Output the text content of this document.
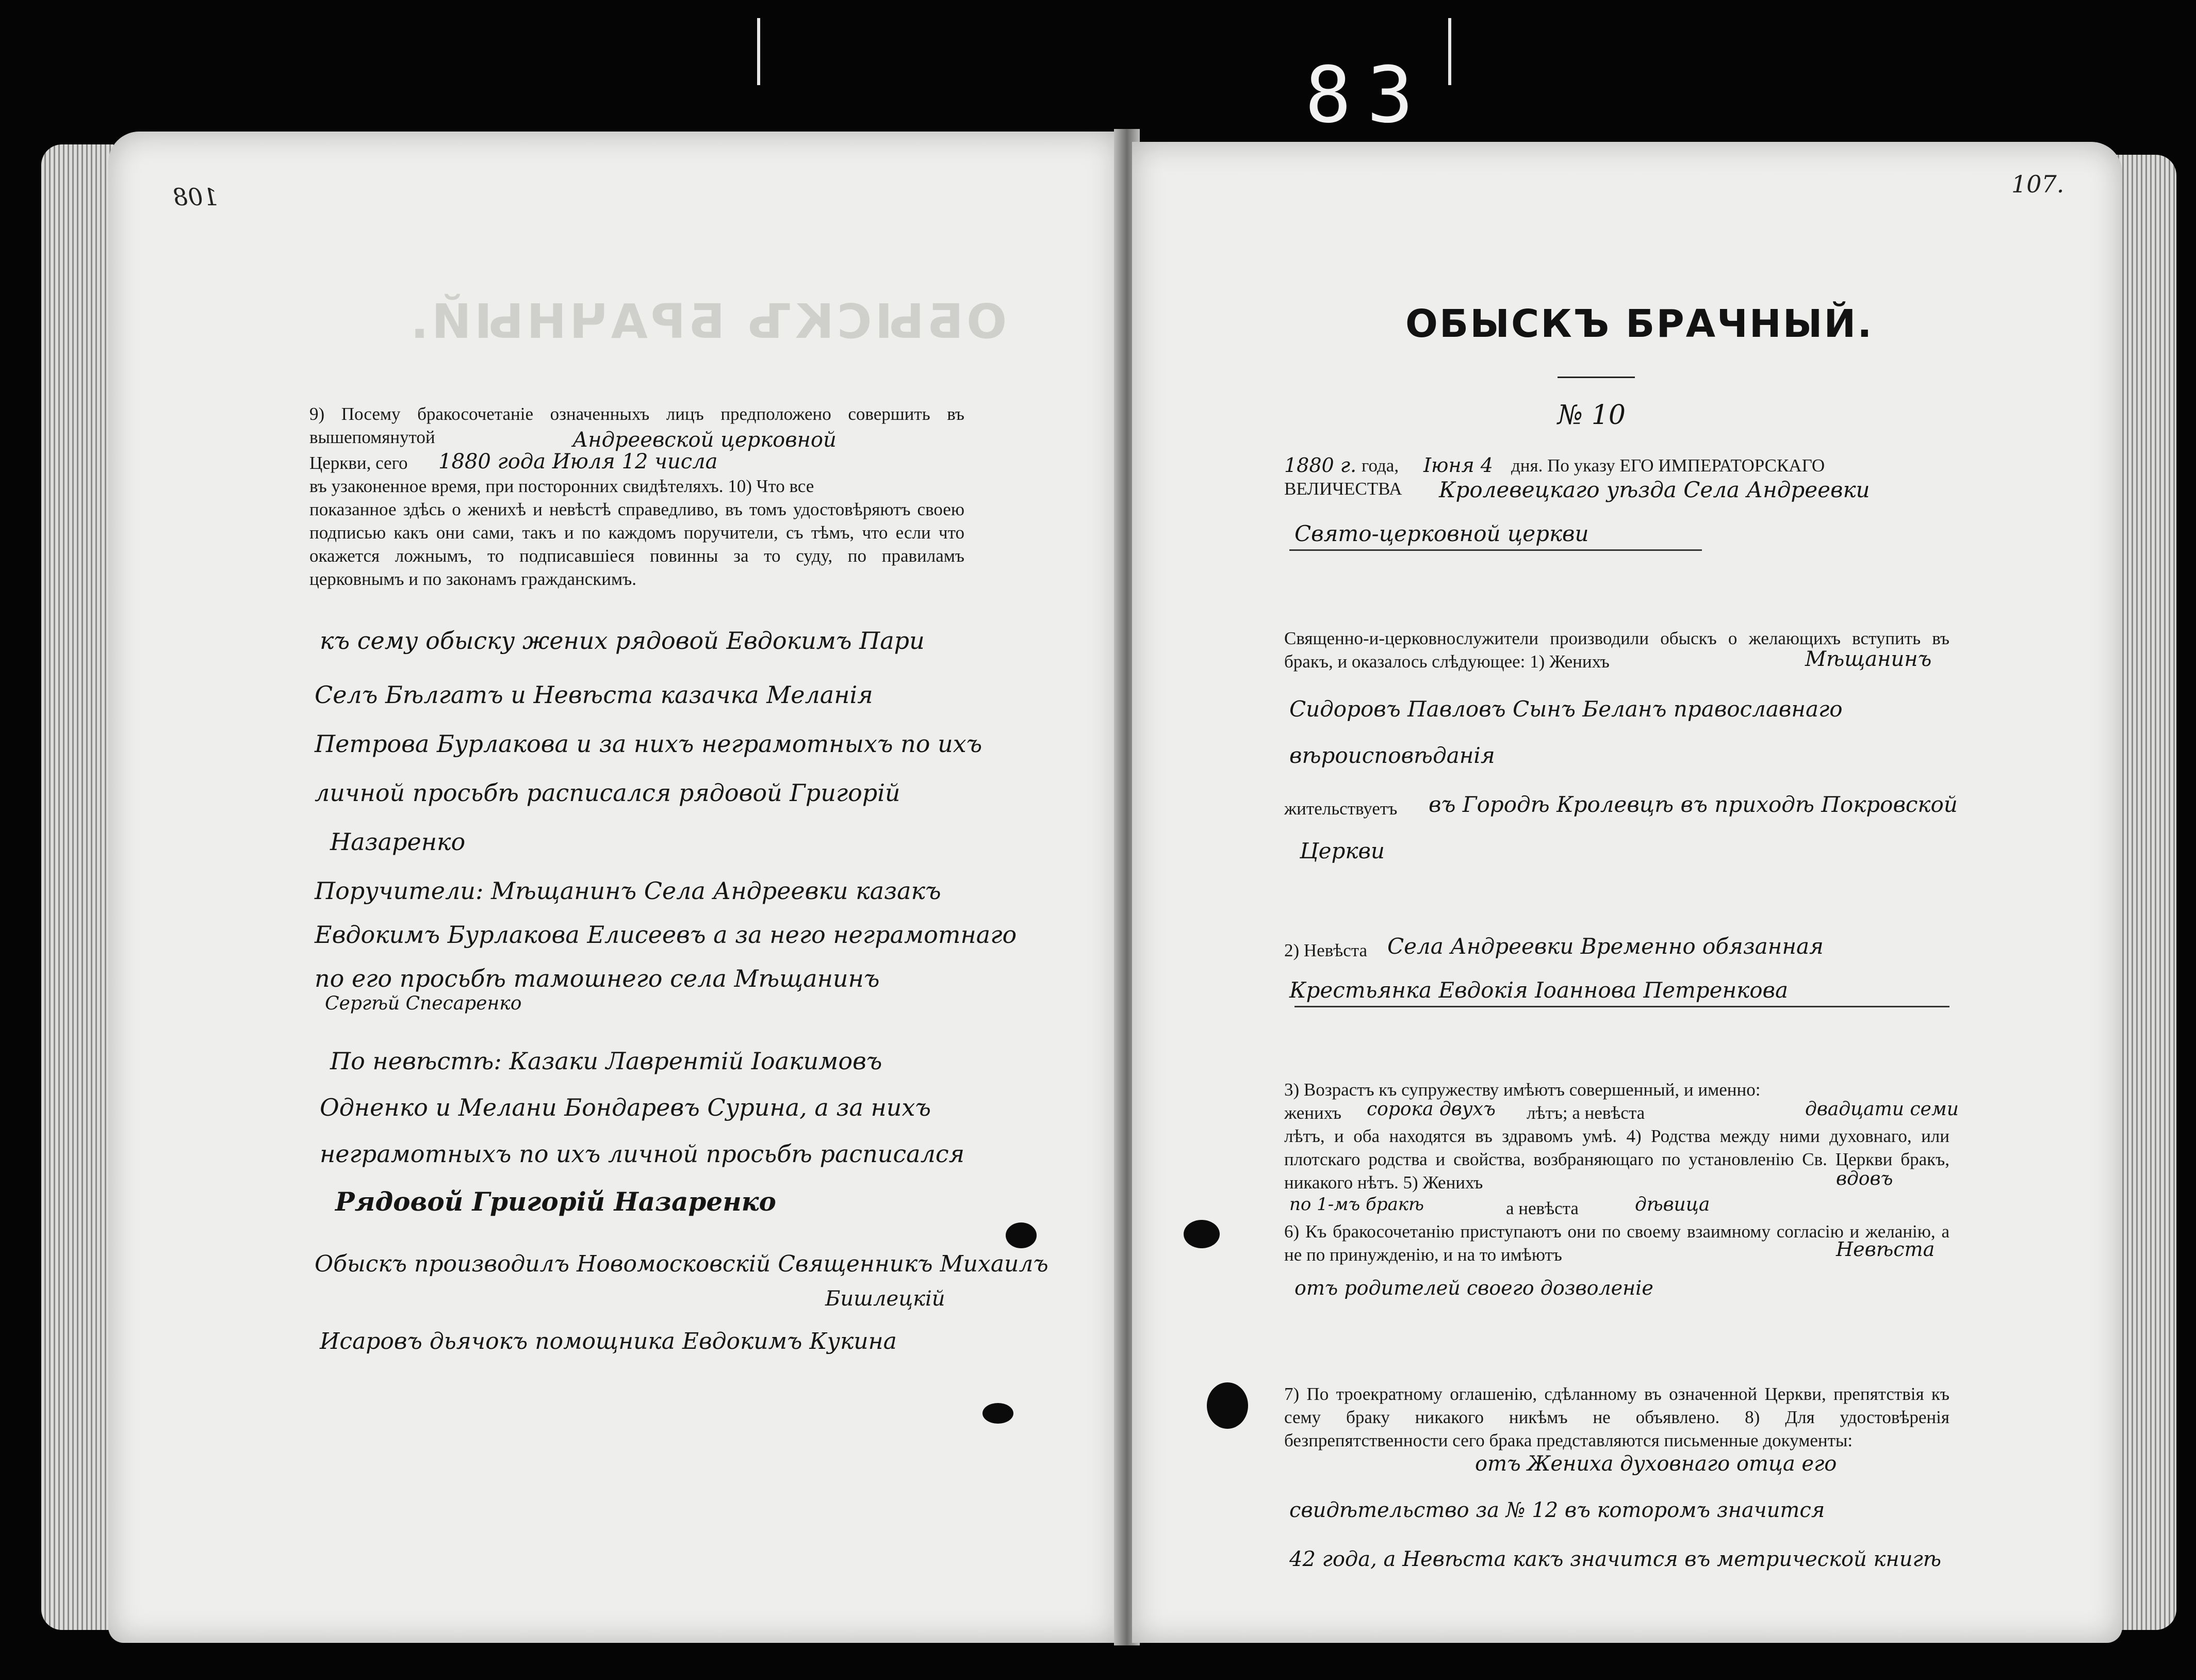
83
108
ОБЫСКЪ БРАЧНЫЙ.
9) Посему бракосочетаніе означенныхъ лицъ предположено совершить въ вышепомянутой	Андреевской церковной
Церкви, сего 1880 года Июля 12 числа
въ узаконенное время, при посторонних свидѣтеляхъ. 10) Что все
показанное здѣсь о женихѣ и невѣстѣ справедливо, въ томъ удостовѣряютъ своею подписью какъ они сами, такъ и по каждомъ поручители, съ тѣмъ, что если что окажется ложнымъ, то подписавшіеся повинны за то суду, по правиламъ церковнымъ и по законамъ гражданскимъ.
къ сему обыску жених рядовой Евдокимъ Пари
Селъ Бѣлгатъ и Невѣста казачка Меланія
Петрова Бурлакова и за нихъ неграмотныхъ по ихъ
личной просьбѣ расписался рядовой Григорій
Назаренко
Поручители: Мѣщанинъ Села Андреевки казакъ
Евдокимъ Бурлакова Елисеевъ а за него неграмотнаго
по его просьбѣ тамошнего села Мѣщанинъ
Сергѣй Спесаренко
По невѣстѣ: Казаки Лаврентій Іоакимовъ
Одненко и Мелани Бондаревъ Сурина, а за нихъ
неграмотныхъ по ихъ личной просьбѣ расписался
Рядовой Григорій Назаренко
Обыскъ производилъ Новомосковскій Священникъ Михаилъ
Бишлецкій
Исаровъ дьячокъ помощника Евдокимъ Кукина
107.
ОБЫСКЪ БРАЧНЫЙ.
№ 10
1880 г. года, Іюня 4 дня. По указу ЕГО ИМПЕРАТОРСКАГО
ВЕЛИЧЕСТВА Кролевецкаго уѣзда Села Андреевки
Свято-церковной церкви
Священно-и-церковнослужители производили обыскъ о желающихъ вступить въ бракъ, и оказалось слѣдующее: 1) Женихъ	Мѣщанинъ
Сидоровъ Павловъ Сынъ Беланъ православнаго
вѣроисповѣданія
жительствуетъ въ Городѣ Кролевцѣ въ приходѣ Покровской
Церкви
2) Невѣста Села Андреевки Временно обязанная
Крестьянка Евдокія Іоаннова Петренкова
3) Возрастъ къ супружеству имѣютъ совершенный, и именно:
женихъ сорока двухъ лѣтъ; а невѣста	двадцати семи
лѣтъ, и оба находятся въ здравомъ умѣ. 4) Родства между ними духовнаго, или плотскаго родства и свойства, возбраняющаго по установленію Св. Церкви бракъ, никакого нѣтъ. 5) Женихъ	вдовъ
по 1-мъ бракѣ	а невѣста	дѣвица
6) Къ бракосочетанію приступаютъ они по своему взаимному согласію и желанію, а не по принужденію, и на то имѣютъ	Невѣста
отъ родителей своего дозволеніе
7) По троекратному оглашенію, сдѣланному въ означенной Церкви, препятствія къ сему браку никакого никѣмъ не объявлено. 8) Для удостовѣренія безпрепятственности сего брака представляются письменные документы:
отъ Жениха духовнаго отца его
свидѣтельство за № 12 въ которомъ значится
42 года, а Невѣста какъ значится въ метрической книгѣ
